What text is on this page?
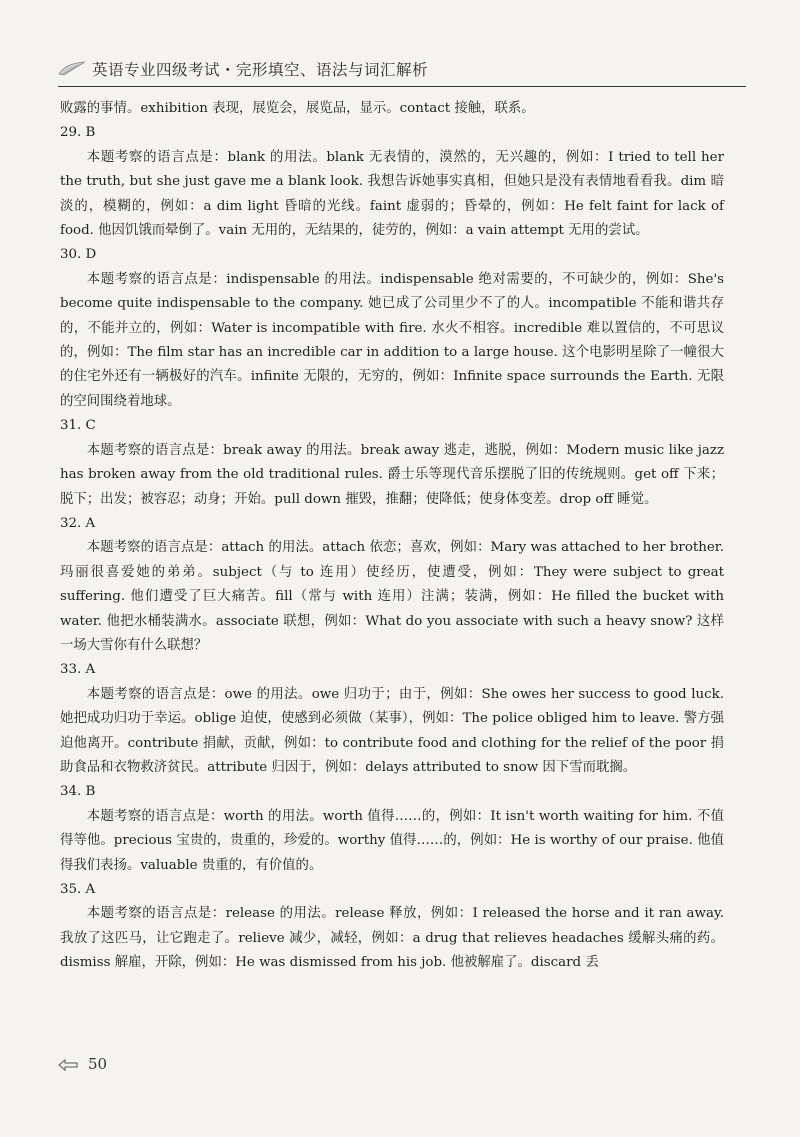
英语专业四级考试・完形填空、语法与词汇解析

败露的事情。exhibition 表现，展览会，展览品，显示。contact 接触，联系。

29. B

本题考察的语言点是：blank 的用法。blank 无表情的，漠然的，无兴趣的，例如：I tried to tell her the truth, but she just gave me a blank look. 我想告诉她事实真相，但她只是没有表情地看看我。dim 暗淡的，模糊的，例如：a dim light 昏暗的光线。faint 虚弱的；昏晕的，例如：He felt faint for lack of food. 他因饥饿而晕倒了。vain 无用的，无结果的，徒劳的，例如：a vain attempt 无用的尝试。

30. D

本题考察的语言点是：indispensable 的用法。indispensable 绝对需要的，不可缺少的，例如：She's become quite indispensable to the company. 她已成了公司里少不了的人。incompatible 不能和谐共存的，不能并立的，例如：Water is incompatible with fire. 水火不相容。incredible 难以置信的，不可思议的，例如：The film star has an incredible car in addition to a large house. 这个电影明星除了一幢很大的住宅外还有一辆极好的汽车。infinite 无限的，无穷的，例如：Infinite space surrounds the Earth. 无限的空间围绕着地球。

31. C

本题考察的语言点是：break away 的用法。break away 逃走，逃脱，例如：Modern music like jazz has broken away from the old traditional rules. 爵士乐等现代音乐摆脱了旧的传统规则。get off 下来；脱下；出发；被容忍；动身；开始。pull down 摧毁，推翻；使降低；使身体变差。drop off 睡觉。

32. A

本题考察的语言点是：attach 的用法。attach 依恋；喜欢，例如：Mary was attached to her brother. 玛丽很喜爱她的弟弟。subject（与 to 连用）使经历，使遭受，例如：They were subject to great suffering. 他们遭受了巨大痛苦。fill（常与 with 连用）注满；装满，例如：He filled the bucket with water. 他把水桶装满水。associate 联想，例如：What do you associate with such a heavy snow? 这样一场大雪你有什么联想？

33. A

本题考察的语言点是：owe 的用法。owe 归功于；由于，例如：She owes her success to good luck. 她把成功归功于幸运。oblige 迫使，使感到必须做（某事），例如：The police obliged him to leave. 警方强迫他离开。contribute 捐献，贡献，例如：to contribute food and clothing for the relief of the poor 捐助食品和衣物救济贫民。attribute 归因于，例如：delays attributed to snow 因下雪而耽搁。

34. B

本题考察的语言点是：worth 的用法。worth 值得……的，例如：It isn't worth waiting for him. 不值得等他。precious 宝贵的，贵重的，珍爱的。worthy 值得……的，例如：He is worthy of our praise. 他值得我们表扬。valuable 贵重的，有价值的。

35. A

本题考察的语言点是：release 的用法。release 释放，例如：I released the horse and it ran away. 我放了这匹马，让它跑走了。relieve 减少，减轻，例如：a drug that relieves headaches 缓解头痛的药。dismiss 解雇，开除，例如：He was dismissed from his job. 他被解雇了。discard 丢

50
